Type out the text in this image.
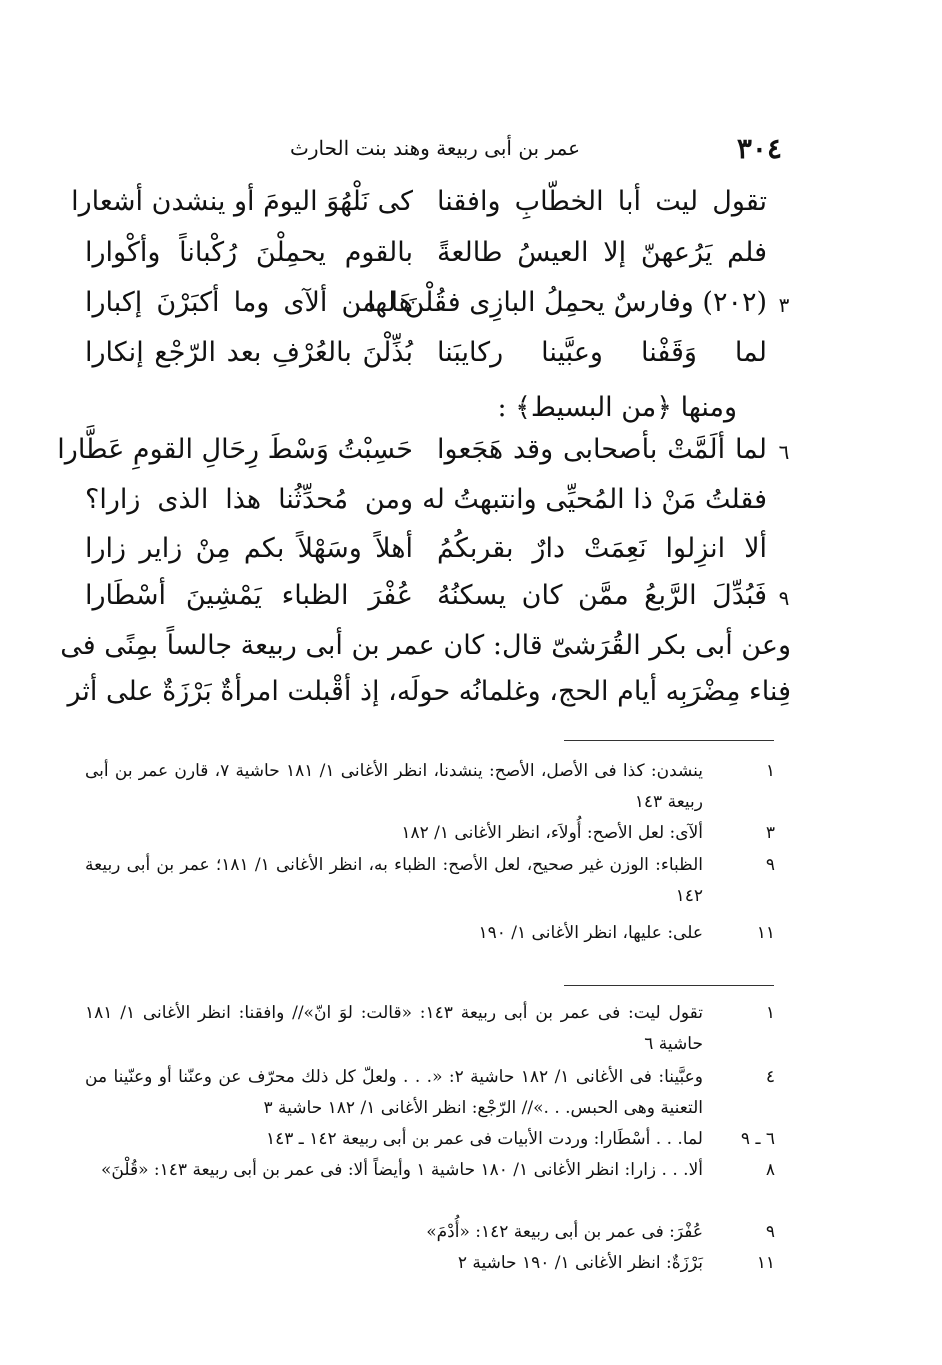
٣٠٤
عمر بن أبى ربيعة وهند بنت الحارث
تقول ليت أبا الخطّابِ وافقنا
كى نَلْهُوَ اليومَ أو ينشدن أشعارا
فلم يَرُعهنّ إلا العيسُ طالعةً
بالقوم يحمِلْنَ رُكْباناً وأكْوارا
٣
(٢٠٢) وفارسٌ يحمِلُ البازِى فقُلْنَ لها
هَا من ألآى وما أكبَرْنَ إكبارا
لما وَقَفْنا وعبَّينا ركايبَنا
بُذِّلْنَ بالعُرْفِ بعد الرّجْع إنكارا
ومنها ﴿من البسيط﴾ :
٦
لما ألَمَّتْ بأصحابى وقد هَجَعوا
حَسِبْتُ وَسْطَ رِحَالِ القومِ عَطَّارا
فقلتُ مَنْ ذا المُحيِّى وانتبهتُ له
ومن مُحدِّثُنا هذا الذى زارا؟
ألا انزِلوا نَعِمَتْ دارٌ بقربكُمُ
أهلاً وسَهْلاً بكم مِنْ زاير زارا
٩
فَبُدِّلَ الرَّبعُ ممَّن كان يسكنُهُ
عُفْرَ الظباء يَمْشِينَ أسْطَارا
وعن أبى بكر القُرَشىّ قال: كان عمر بن أبى ربيعة جالساً بمِنًى فى
فِناء مِضْرَبِه أيام الحج، وغلمانُه حولَه، إذ أقْبلت امرأةٌ بَرْزَةٌ على أثر
١
ينشدن: كذا فى الأصل، الأصح: ينشدنا، انظر الأغانى ١/ ١٨١ حاشية ٧، قارن عمر بن أبى ربيعة ١٤٣
٣
ألآى: لعل الأصح: أُولاَء، انظر الأغانى ١/ ١٨٢
٩
الظباء: الوزن غير صحيح، لعل الأصح: الظباء به، انظر الأغانى ١/ ١٨١؛ عمر بن أبى ربيعة ١٤٢
١١
على: عليها، انظر الأغانى ١/ ١٩٠
١
تقول ليت: فى عمر بن أبى ربيعة ١٤٣: «قالت: لوَ انّ»// وافقنا: انظر الأغانى ١/ ١٨١ حاشية ٦
٤
وعبَّينا: فى الأغانى ١/ ١٨٢ حاشية ٢: «. . . ولعلّ كل ذلك محرّف عن وعنّنا أو وعنّينا من التعنية وهى الحبس. . .»// الرّجْع: انظر الأغانى ١/ ١٨٢ حاشية ٣
٦ ـ ٩
لما. . . أسْطَارا: وردت الأبيات فى عمر بن أبى ربيعة ١٤٢ ـ ١٤٣
٨
ألا. . . زارا: انظر الأغانى ١/ ١٨٠ حاشية ١ وأيضاً ألا: فى عمر بن أبى ربيعة ١٤٣: «قُلْنَ»
٩
عُفْرَ: فى عمر بن أبى ربيعة ١٤٢: «أُدْمَ»
١١
بَرْزَةٌ: انظر الأغانى ١/ ١٩٠ حاشية ٢
